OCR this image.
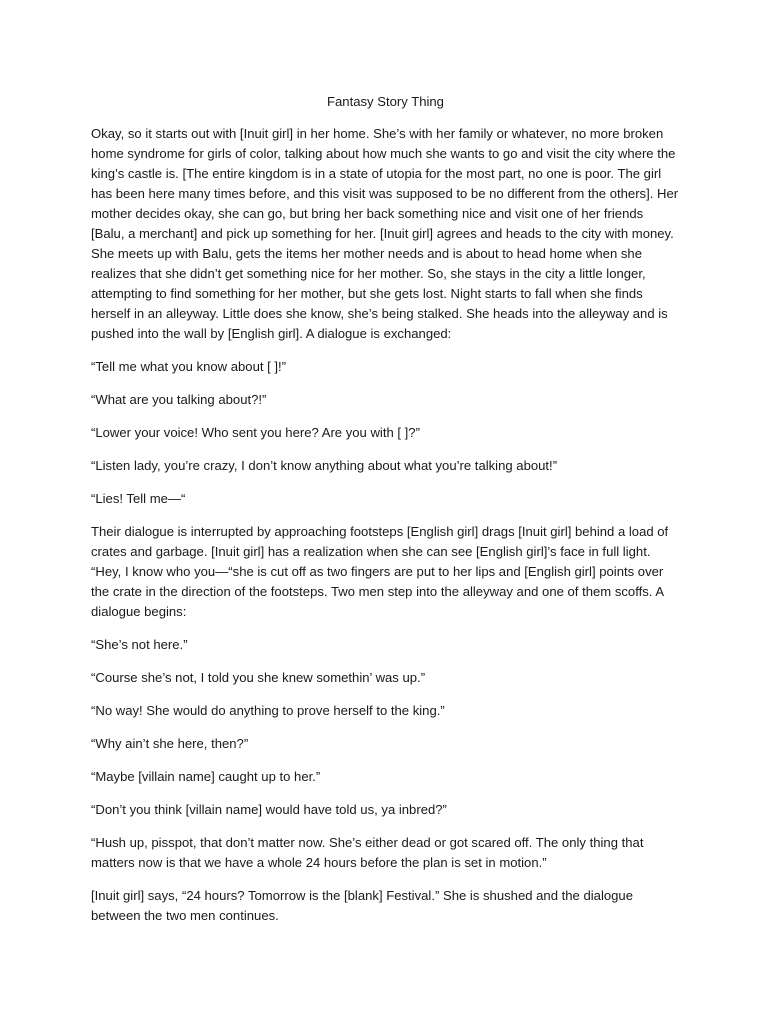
Fantasy Story Thing

Okay, so it starts out with [Inuit girl] in her home. She’s with her family or whatever, no more broken home syndrome for girls of color, talking about how much she wants to go and visit the city where the king’s castle is. [The entire kingdom is in a state of utopia for the most part, no one is poor. The girl has been here many times before, and this visit was supposed to be no different from the others]. Her mother decides okay, she can go, but bring her back something nice and visit one of her friends [Balu, a merchant] and pick up something for her. [Inuit girl] agrees and heads to the city with money. She meets up with Balu, gets the items her mother needs and is about to head home when she realizes that she didn’t get something nice for her mother. So, she stays in the city a little longer, attempting to find something for her mother, but she gets lost. Night starts to fall when she finds herself in an alleyway. Little does she know, she’s being stalked. She heads into the alleyway and is pushed into the wall by [English girl]. A dialogue is exchanged:

“Tell me what you know about [ ]!”

“What are you talking about?!”

“Lower your voice! Who sent you here? Are you with [ ]?”

“Listen lady, you’re crazy, I don’t know anything about what you’re talking about!”

“Lies! Tell me—“

Their dialogue is interrupted by approaching footsteps [English girl] drags [Inuit girl] behind a load of crates and garbage. [Inuit girl] has a realization when she can see [English girl]’s face in full light. “Hey, I know who you—“she is cut off as two fingers are put to her lips and [English girl] points over the crate in the direction of the footsteps. Two men step into the alleyway and one of them scoffs. A dialogue begins:

“She’s not here.”

“Course she’s not, I told you she knew somethin’ was up.”

“No way! She would do anything to prove herself to the king.”

“Why ain’t she here, then?”

“Maybe [villain name] caught up to her.”

“Don’t you think [villain name] would have told us, ya inbred?”

“Hush up, pisspot, that don’t matter now. She’s either dead or got scared off. The only thing that matters now is that we have a whole 24 hours before the plan is set in motion.”

[Inuit girl] says, “24 hours? Tomorrow is the [blank] Festival.” She is shushed and the dialogue between the two men continues.
